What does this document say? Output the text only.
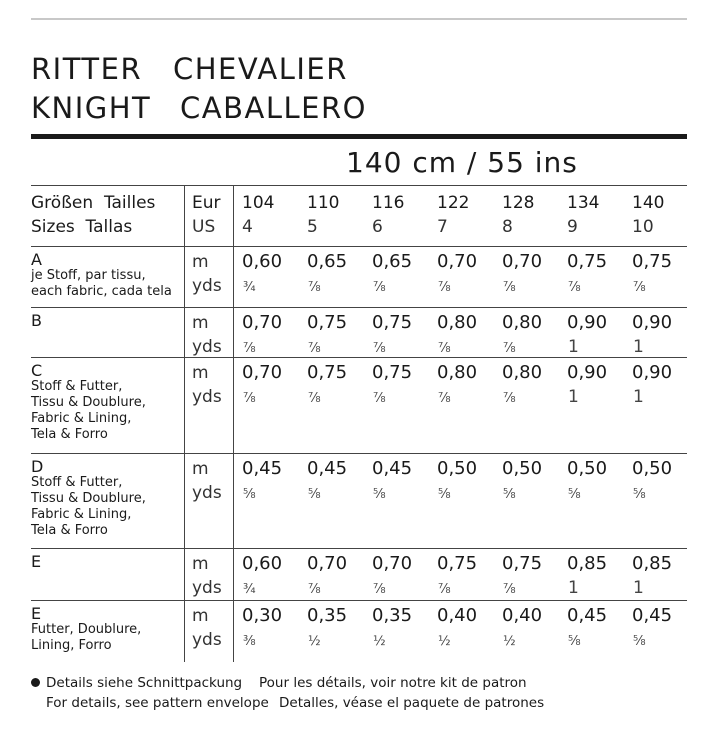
RITTER CHEVALIER
KNIGHT CABALLERO
140 cm / 55 ins
Größen  Tailles
Sizes  Tallas
Eur
US
104
4
110
5
116
6
122
7
128
8
134
9
140
10
A
je Stoff, par tissu,
each fabric, cada tela
m
yds
0,60
¾
0,65
⅞
0,65
⅞
0,70
⅞
0,70
⅞
0,75
⅞
0,75
⅞
B	m
yds
0,70
⅞
0,75
⅞
0,75
⅞
0,80
⅞
0,80
⅞
0,90
1
0,90
1
C
Stoff & Futter,
Tissu & Doublure,
Fabric & Lining,
Tela & Forro
m
yds
0,70
⅞
0,75
⅞
0,75
⅞
0,80
⅞
0,80
⅞
0,90
1
0,90
1
D
Stoff & Futter,
Tissu & Doublure,
Fabric & Lining,
Tela & Forro
m
yds
0,45
⅝
0,45
⅝
0,45
⅝
0,50
⅝
0,50
⅝
0,50
⅝
0,50
⅝
E	m
yds
0,60
¾
0,70
⅞
0,70
⅞
0,75
⅞
0,75
⅞
0,85
1
0,85
1
E
Futter, Doublure,
Lining, Forro
m
yds
0,30
⅜
0,35
½
0,35
½
0,40
½
0,40
½
0,45
⅝
0,45
⅝
Details siehe Schnittpackung Pour les détails, voir notre kit de patron
For details, see pattern envelope Detalles, véase el paquete de patrones
